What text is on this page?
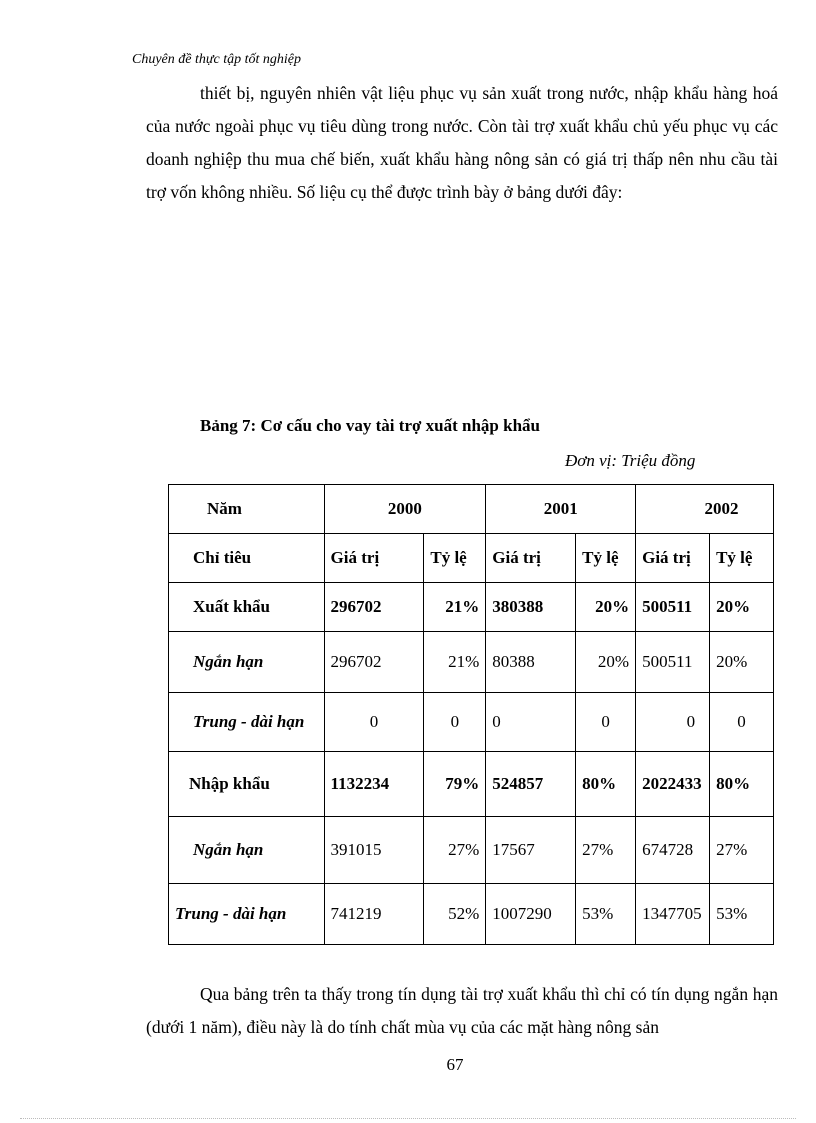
Chuyên đề thực tập tốt nghiệp

thiết bị, nguyên nhiên vật liệu phục vụ sản xuất trong nước, nhập khẩu hàng hoá của nước ngoài phục vụ tiêu dùng trong nước. Còn tài trợ xuất khẩu chủ yếu phục vụ các doanh nghiệp thu mua chế biến, xuất khẩu hàng nông sản có giá trị thấp nên nhu cầu tài trợ vốn không nhiều. Số liệu cụ thể được trình bày ở bảng dưới đây:

Bảng 7: Cơ cấu cho vay tài trợ xuất nhập khẩu
Đơn vị: Triệu đồng
Năm	2000		2001		2002	
Chỉ tiêu	Giá trị	Tỷ lệ	Giá trị	Tỷ lệ	Giá trị	Tỷ lệ
Xuất khẩu	296702	21%	380388	20%	500511	20%
Ngắn hạn	296702	21%	80388	20%	500511	20%
Trung - dài hạn	0	0	0	0	0	0
Nhập khẩu	1132234	79%	524857	80%	2022433	80%
Ngắn hạn	391015	27%	17567	27%	674728	27%
Trung - dài hạn	741219	52%	1007290	53%	1347705	53%

Qua bảng trên ta thấy trong tín dụng tài trợ xuất khẩu thì chỉ có tín dụng ngắn hạn (dưới 1 năm), điều này là do tính chất mùa vụ của các mặt hàng nông sản

67
